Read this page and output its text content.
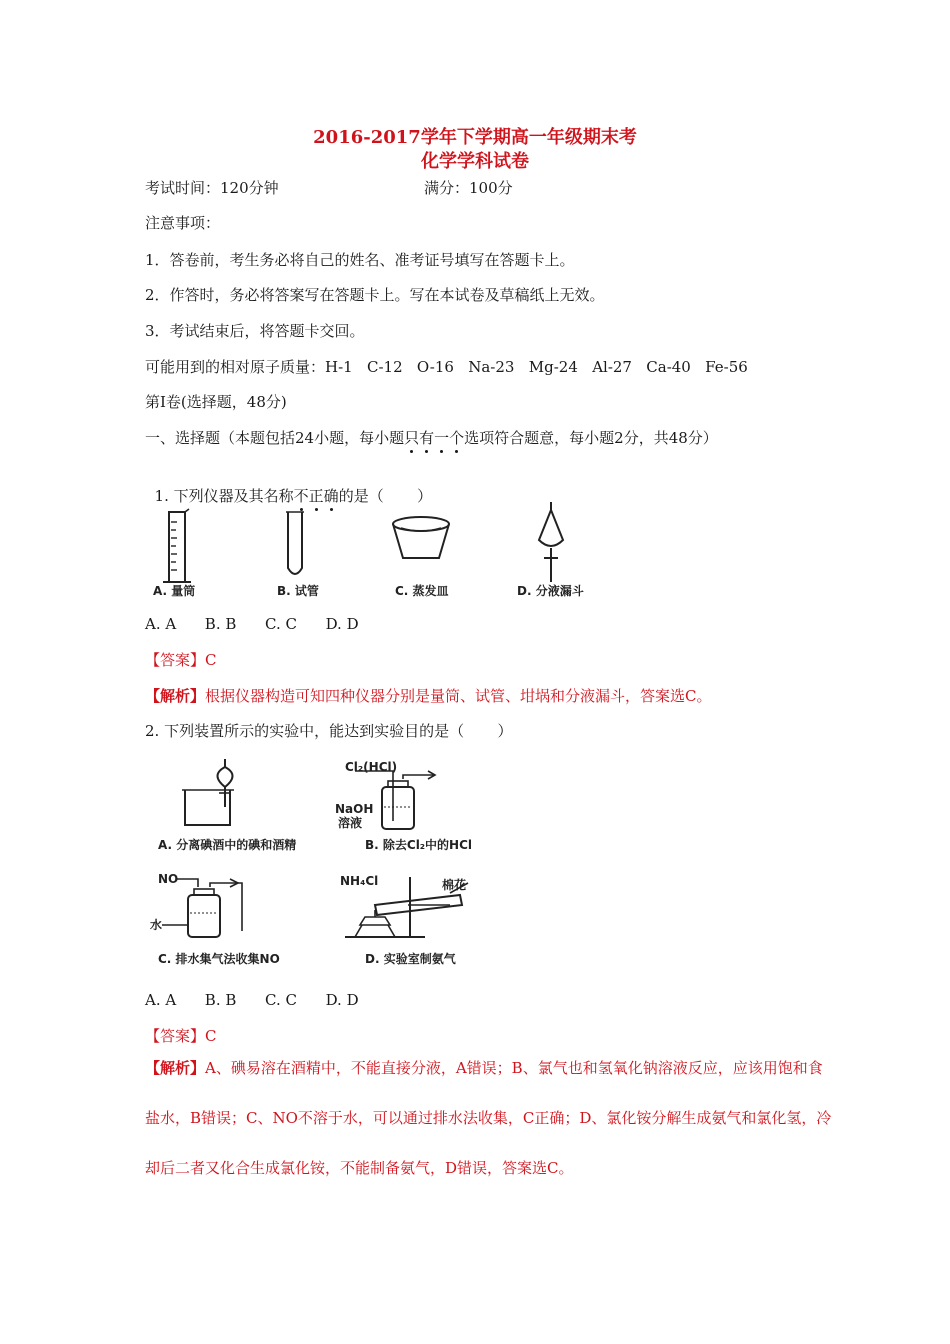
2016-2017学年下学期高一年级期末考
化学学科试卷
考试时间：120分钟	满分：100分
注意事项：
1．答卷前，考生务必将自己的姓名、准考证号填写在答题卡上。
2．作答时，务必将答案写在答题卡上。写在本试卷及草稿纸上无效。
3．考试结束后，将答题卡交回。
可能用到的相对原子质量：H-1   C-12   O-16   Na-23   Mg-24   Al-27   Ca-40   Fe-56
第Ⅰ卷(选择题，48分)
一、选择题（本题包括24小题，每小题只有一个选项符合题意，每小题2分，共48分）

1. 下列仪器及其名称不正确的是（       ）

A. 量筒	B. 试管	C. 蒸发皿	D. 分液漏斗
A. A      B. B      C. C      D. D
【答案】C
【解析】根据仪器构造可知四种仪器分别是量筒、试管、坩埚和分液漏斗，答案选C。
2. 下列装置所示的实验中，能达到实验目的是（       ）
A. 分离碘酒中的碘和酒精
Cl₂(HCl)
NaOH
溶液
B. 除去Cl₂中的HCl
NO
水
C. 排水集气法收集NO
NH₄Cl	棉花
D. 实验室制氨气
A. A      B. B      C. C      D. D
【答案】C
【解析】A、碘易溶在酒精中，不能直接分液，A错误；B、氯气也和氢氧化钠溶液反应，应该用饱和食
盐水，B错误；C、NO不溶于水，可以通过排水法收集，C正确；D、氯化铵分解生成氨气和氯化氢，冷
却后二者又化合生成氯化铵，不能制备氨气，D错误，答案选C。
